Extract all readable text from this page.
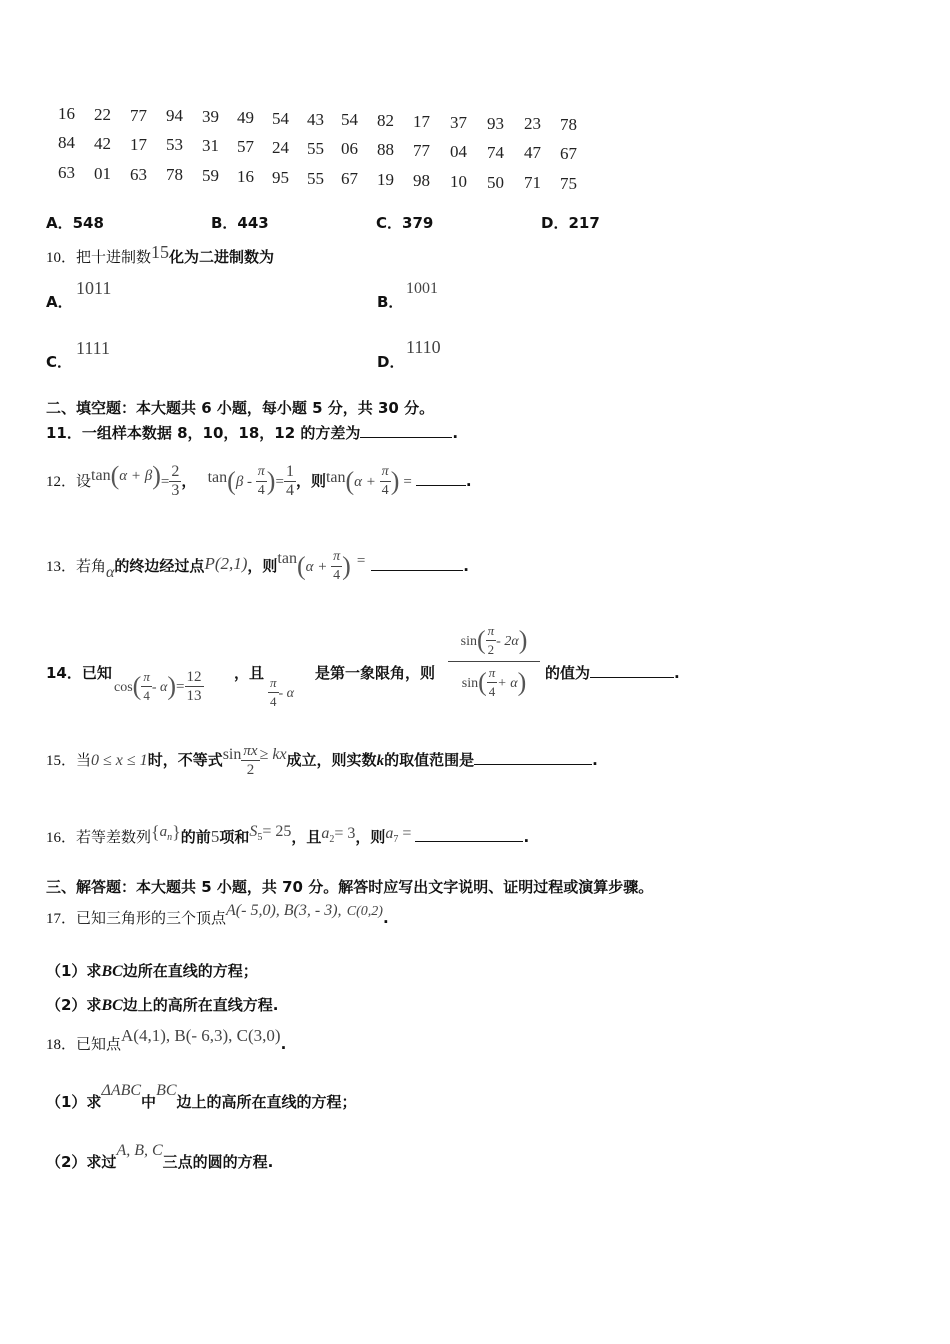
16 22 77 94 39 49 54 43 54 82 17 37 93 23 78
84 42 17 53 31 57 24 55 06 88 77 04 74 47 67
63 01 63 78 59 16 95 55 67 19 98 10 50 71 75
A．548	B．443	C．379	D．217
10．把十进制数15化为二进制数为
A．
1011
B．
1001
C．
1111
D．
1110
二、填空题：本大题共 6 小题，每小题 5 分，共 30 分。
11．一组样本数据 8，10，18，12 的方差为	.
12．设$\tan(\alpha + \beta)= \frac{2}{3}$ ， $\tan(\beta - \frac{\pi}{4}$ )= $\frac{1}{4}$ ，则$\tan(\alpha + \frac{\pi}{4}$ ) =	.
13．若角α的终边经过点P(2,1)，则$\tan(\alpha + \frac{\pi}{4}$ ) =	.
14．已知
$\cos( \frac{\pi}{4} - \alpha)= \frac{12}{13}$ ，且
$\frac{\pi}{4}$ - α
是第一象限角，则
$\sin( \frac{\pi}{2} - 2\alpha)$
$\sin( \frac{\pi}{4} + \alpha)$	的值为	.
15．当0 ≤ x ≤ 1时，不等式$\sin \frac{\pi x}{2}$ ≥ kx成立，则实数k的取值范围是	.
16．若等差数列$\{a_n\}$的前5项和$S_5= 25$，且$a_2= 3$，则$a_7$ =	.
三、解答题：本大题共 5 小题，共 70 分。解答时应写出文字说明、证明过程或演算步骤。
17．已知三角形的三个顶点A(- 5,0), B(3, - 3), C(0,2).
（1）求BC边所在直线的方程；
（2）求BC边上的高所在直线方程.
18．已知点A(4,1), B(- 6,3), C(3,0).
（1）求ΔABC中BC边上的高所在直线的方程；
（2）求过A, B, C三点的圆的方程.
